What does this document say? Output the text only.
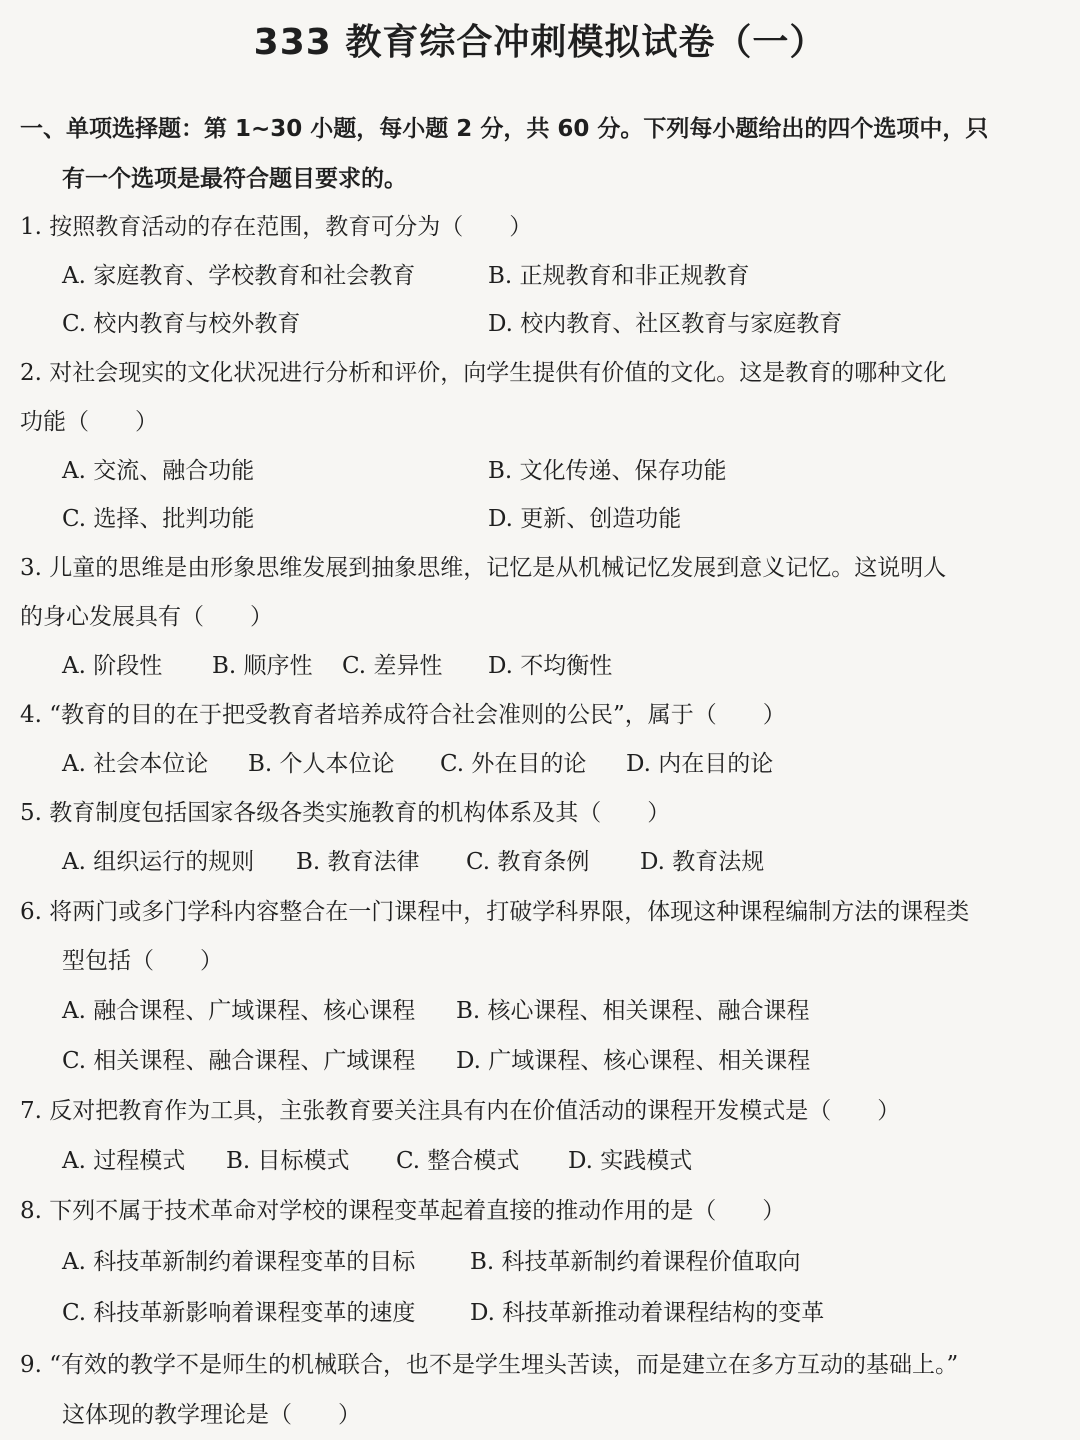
333 教育综合冲刺模拟试卷（一）
一、单项选择题：第 1~30 小题，每小题 2 分，共 60 分。下列每小题给出的四个选项中，只
有一个选项是最符合题目要求的。
1. 按照教育活动的存在范围，教育可分为（　　）
A. 家庭教育、学校教育和社会教育	B. 正规教育和非正规教育
C. 校内教育与校外教育	D. 校内教育、社区教育与家庭教育
2. 对社会现实的文化状况进行分析和评价，向学生提供有价值的文化。这是教育的哪种文化
功能（　　）
A. 交流、融合功能	B. 文化传递、保存功能
C. 选择、批判功能	D. 更新、创造功能
3. 儿童的思维是由形象思维发展到抽象思维，记忆是从机械记忆发展到意义记忆。这说明人
的身心发展具有（　　）
A. 阶段性 B. 顺序性 C. 差异性 D. 不均衡性
4. “教育的目的在于把受教育者培养成符合社会准则的公民”，属于（　　）
A. 社会本位论 B. 个人本位论 C. 外在目的论 D. 内在目的论
5. 教育制度包括国家各级各类实施教育的机构体系及其（　　）
A. 组织运行的规则 B. 教育法律 C. 教育条例 D. 教育法规
6. 将两门或多门学科内容整合在一门课程中，打破学科界限，体现这种课程编制方法的课程类
型包括（　　）
A. 融合课程、广域课程、核心课程 B. 核心课程、相关课程、融合课程
C. 相关课程、融合课程、广域课程 D. 广域课程、核心课程、相关课程
7. 反对把教育作为工具，主张教育要关注具有内在价值活动的课程开发模式是（　　）
A. 过程模式 B. 目标模式 C. 整合模式 D. 实践模式
8. 下列不属于技术革命对学校的课程变革起着直接的推动作用的是（　　）
A. 科技革新制约着课程变革的目标 B. 科技革新制约着课程价值取向
C. 科技革新影响着课程变革的速度 D. 科技革新推动着课程结构的变革
9. “有效的教学不是师生的机械联合，也不是学生埋头苦读，而是建立在多方互动的基础上。”
这体现的教学理论是（　　）
